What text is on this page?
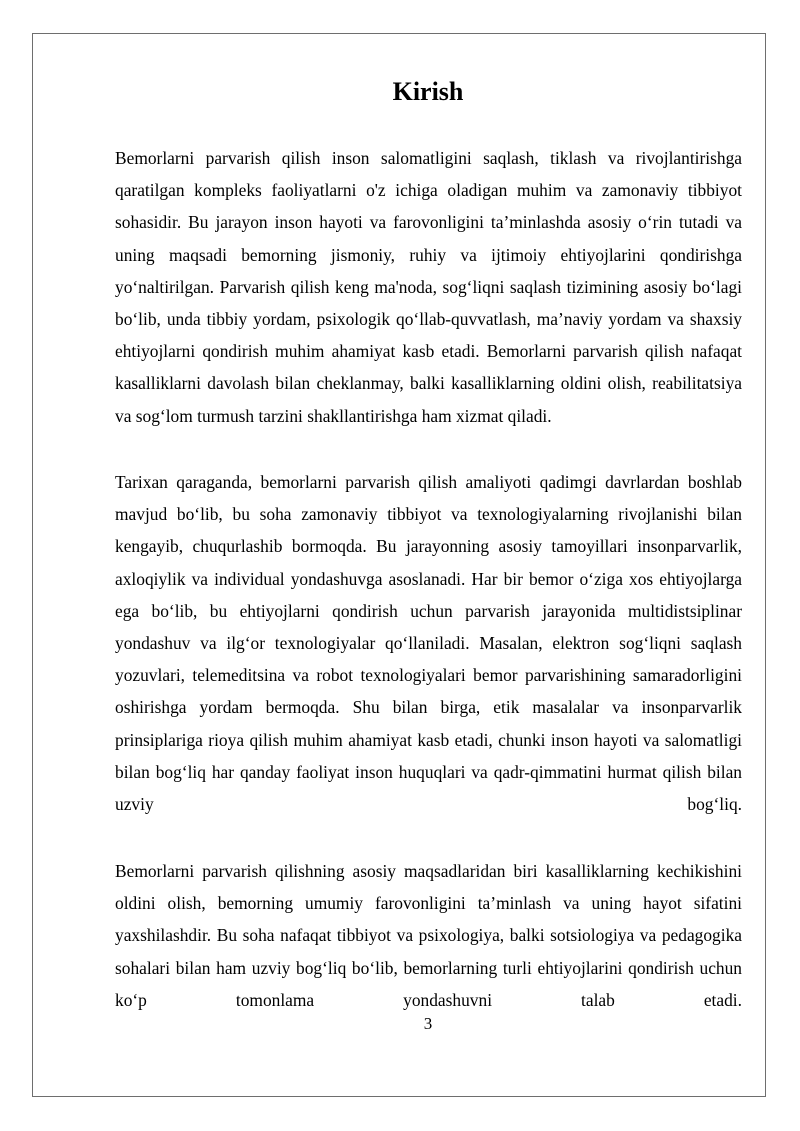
Kirish

Bemorlarni parvarish qilish inson salomatligini saqlash, tiklash va rivojlantirishga qaratilgan kompleks faoliyatlarni o'z ichiga oladigan muhim va zamonaviy tibbiyot sohasidir. Bu jarayon inson hayoti va farovonligini ta’minlashda asosiy o‘rin tutadi va uning maqsadi bemorning jismoniy, ruhiy va ijtimoiy ehtiyojlarini qondirishga yo‘naltirilgan. Parvarish qilish keng ma'noda, sog‘liqni saqlash tizimining asosiy bo‘lagi bo‘lib, unda tibbiy yordam, psixologik qo‘llab-quvvatlash, ma’naviy yordam va shaxsiy ehtiyojlarni qondirish muhim ahamiyat kasb etadi. Bemorlarni parvarish qilish nafaqat kasalliklarni davolash bilan cheklanmay, balki kasalliklarning oldini olish, reabilitatsiya va sog‘lom turmush tarzini shakllantirishga ham xizmat qiladi.

Tarixan qaraganda, bemorlarni parvarish qilish amaliyoti qadimgi davrlardan boshlab mavjud bo‘lib, bu soha zamonaviy tibbiyot va texnologiyalarning rivojlanishi bilan kengayib, chuqurlashib bormoqda. Bu jarayonning asosiy tamoyillari insonparvarlik, axloqiylik va individual yondashuvga asoslanadi. Har bir bemor o‘ziga xos ehtiyojlarga ega bo‘lib, bu ehtiyojlarni qondirish uchun parvarish jarayonida multidistsiplinar yondashuv va ilg‘or texnologiyalar qo‘llaniladi. Masalan, elektron sog‘liqni saqlash yozuvlari, telemeditsina va robot texnologiyalari bemor parvarishining samaradorligini oshirishga yordam bermoqda. Shu bilan birga, etik masalalar va insonparvarlik prinsiplariga rioya qilish muhim ahamiyat kasb etadi, chunki inson hayoti va salomatligi bilan bog‘liq har qanday faoliyat inson huquqlari va qadr-qimmatini hurmat qilish bilan uzviy bog‘liq.

Bemorlarni parvarish qilishning asosiy maqsadlaridan biri kasalliklarning kechikishini oldini olish, bemorning umumiy farovonligini ta’minlash va uning hayot sifatini yaxshilashdir. Bu soha nafaqat tibbiyot va psixologiya, balki sotsiologiya va pedagogika sohalari bilan ham uzviy bog‘liq bo‘lib, bemorlarning turli ehtiyojlarini qondirish uchun ko‘p tomonlama yondashuvni talab etadi.

3
